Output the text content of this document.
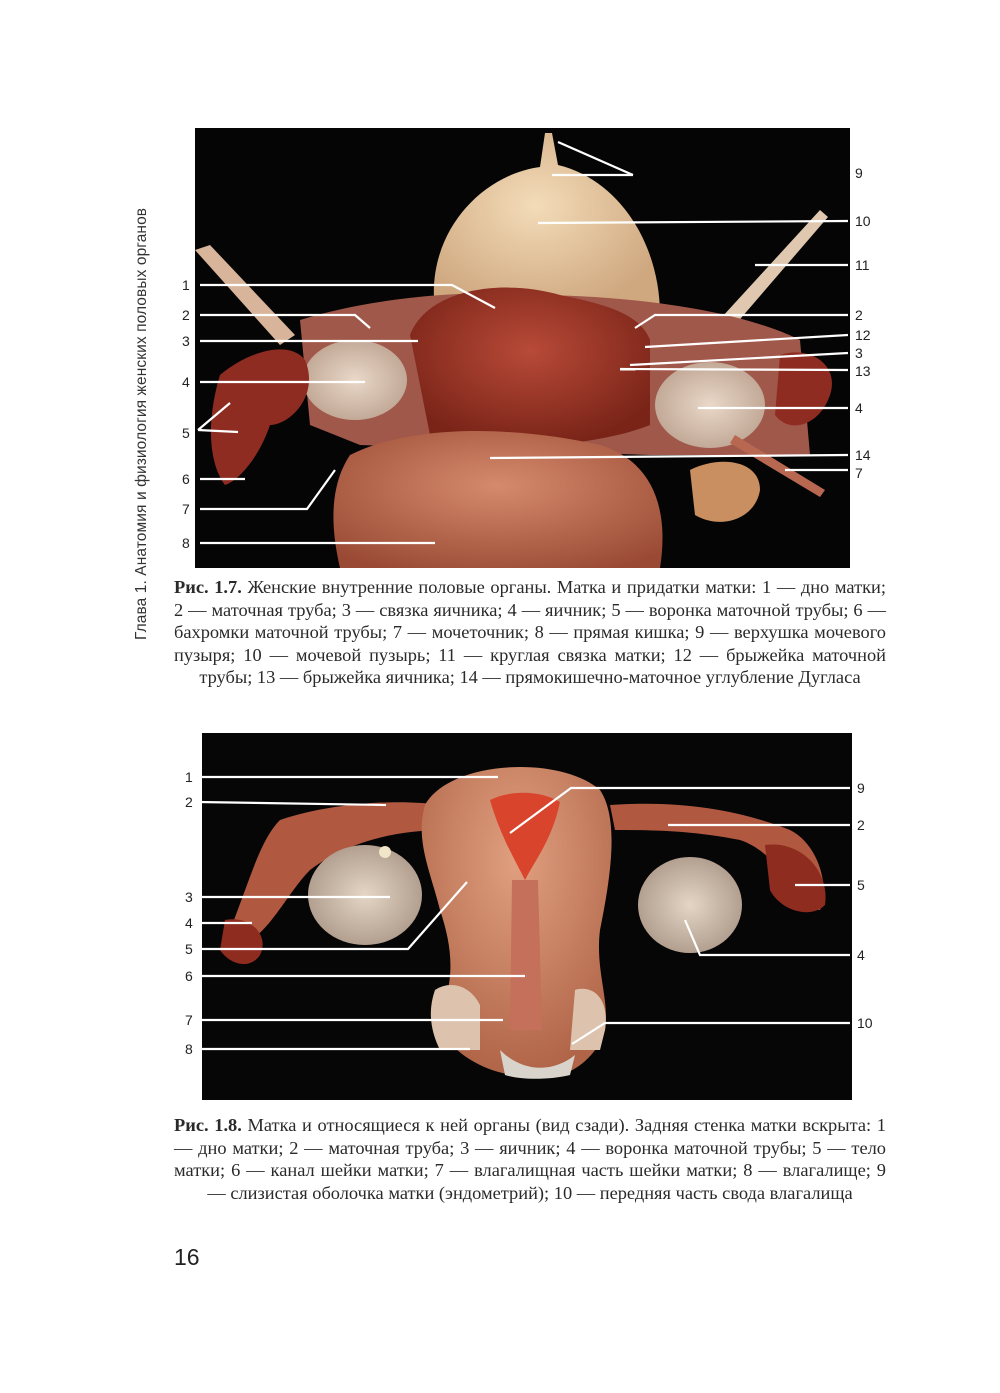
Глава 1. Анатомия и физиология женских половых органов 1
2
3
4
5
6
7
8
9
10
11
2
12
3
13
4
14
7
Рис. 1.7. Женские внутренние половые органы. Матка и придатки матки: 1 — дно матки; 2 — маточная труба; 3 — связка яичника; 4 — яичник; 5 — воронка маточной трубы; 6 — бахромки маточной трубы; 7 — мочеточник; 8 — прямая кишка; 9 — верхушка мочевого пузыря; 10 — мочевой пузырь; 11 — круглая связка матки; 12 — брыжейка маточной трубы; 13 — брыжейка яичника; 14 — прямокишечно-маточное углубление Дугласа
1
2
3
4
5
6
7
8
9
2
5
4
10
Рис. 1.8. Матка и относящиеся к ней органы (вид сзади). Задняя стенка матки вскрыта: 1 — дно матки; 2 — маточная труба; 3 — яичник; 4 — воронка маточной трубы; 5 — тело матки; 6 — канал шейки матки; 7 — влагалищная часть шейки матки; 8 — влагалище; 9 — слизистая оболочка матки (эндометрий); 10 — передняя часть свода влагалища
16
